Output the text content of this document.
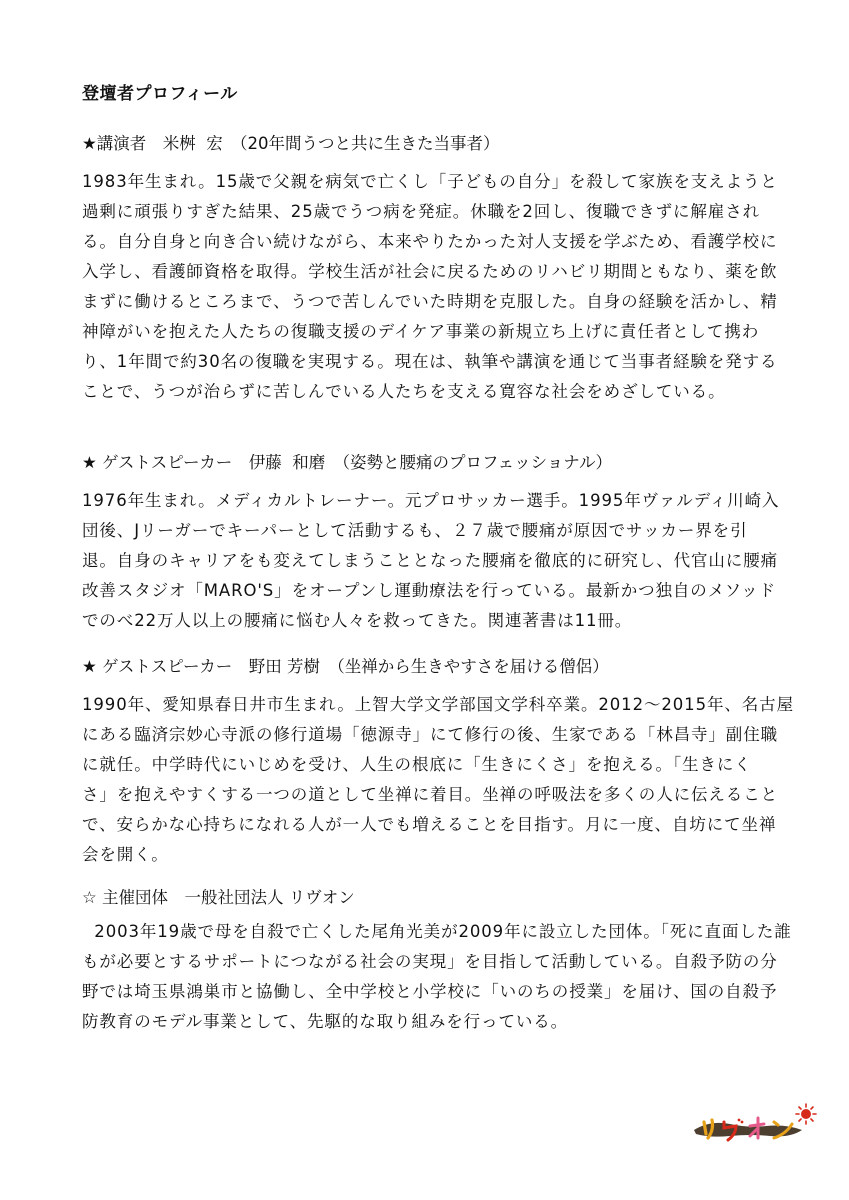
登壇者プロフィール
★講演者　米桝  宏　（20年間うつと共に生きた当事者）
1983年生まれ。15歳で父親を病気で亡くし「子どもの自分」を殺して家族を支えようと
過剰に頑張りすぎた結果、25歳でうつ病を発症。休職を2回し、復職できずに解雇され
る。自分自身と向き合い続けながら、本来やりたかった対人支援を学ぶため、看護学校に
入学し、看護師資格を取得。学校生活が社会に戻るためのリハビリ期間ともなり、薬を飲
まずに働けるところまで、うつで苦しんでいた時期を克服した。自身の経験を活かし、精
神障がいを抱えた人たちの復職支援のデイケア事業の新規立ち上げに責任者として携わ
り、1年間で約30名の復職を実現する。現在は、執筆や講演を通じて当事者経験を発する
ことで、うつが治らずに苦しんでいる人たちを支える寛容な社会をめざしている。
★ ゲストスピーカー　伊藤  和磨　（姿勢と腰痛のプロフェッショナル）
1976年生まれ。メディカルトレーナー。元プロサッカー選手。1995年ヴァルディ川崎入
団後、Jリーガーでキーパーとして活動するも、２７歳で腰痛が原因でサッカー界を引
退。自身のキャリアをも変えてしまうこととなった腰痛を徹底的に研究し、代官山に腰痛
改善スタジオ「MARO'S」をオープンし運動療法を行っている。最新かつ独自のメソッド
でのべ22万人以上の腰痛に悩む人々を救ってきた。関連著書は11冊。
★ ゲストスピーカー　野田 芳樹　（坐禅から生きやすさを届ける僧侶）
1990年、愛知県春日井市生まれ。上智大学文学部国文学科卒業。2012〜2015年、名古屋
にある臨済宗妙心寺派の修行道場「徳源寺」にて修行の後、生家である「林昌寺」副住職
に就任。中学時代にいじめを受け、人生の根底に「生きにくさ」を抱える。「生きにく
さ」を抱えやすくする一つの道として坐禅に着目。坐禅の呼吸法を多くの人に伝えること
で、安らかな心持ちになれる人が一人でも増えることを目指す。月に一度、自坊にて坐禅
会を開く。
☆ 主催団体　一般社団法人 リヴオン
2003年19歳で母を自殺で亡くした尾角光美が2009年に設立した団体。「死に直面した誰
もが必要とするサポートにつながる社会の実現」を目指して活動している。自殺予防の分
野では埼玉県鴻巣市と協働し、全中学校と小学校に「いのちの授業」を届け、国の自殺予
防教育のモデル事業として、先駆的な取り組みを行っている。
